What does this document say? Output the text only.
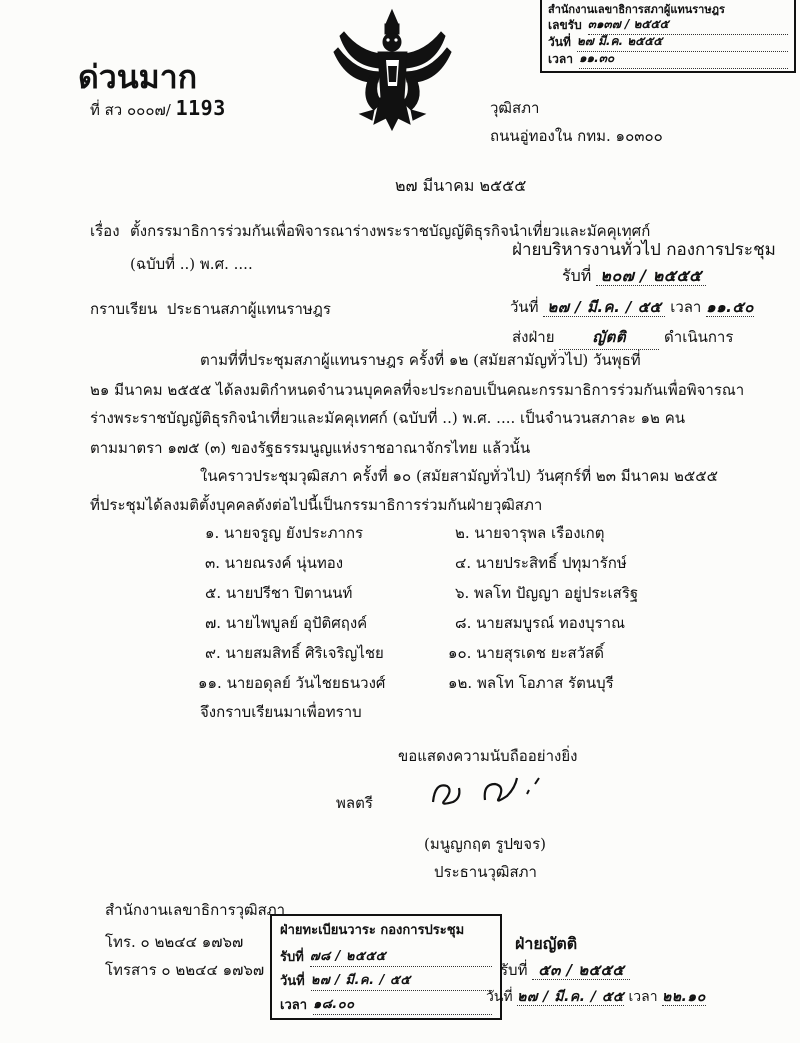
สำนักงานเลขาธิการสภาผู้แทนราษฎร
เลขรับ ๓๑๓๗ / ๒๕๕๕
วันที่ ๒๗ มี.ค. ๒๕๕๕
เวลา ๑๑.๓๐
ด่วนมาก
ที่ สว ๐๐๐๗/ 1193	วุฒิสภา
ถนนอู่ทองใน กทม. ๑๐๓๐๐
๒๗ มีนาคม ๒๕๕๕
เรื่อง ตั้งกรรมาธิการร่วมกันเพื่อพิจารณาร่างพระราชบัญญัติธุรกิจนำเที่ยวและมัคคุเทศก์
(ฉบับที่ ..) พ.ศ. ....
ฝ่ายบริหารงานทั่วไป กองการประชุม
รับที่ ๒๐๗ / ๒๕๕๕
วันที่ ๒๗ / มี.ค. / ๕๕ เวลา ๑๑.๕๐
ส่งฝ่าย	ญัตติ	ดำเนินการ
กราบเรียน ประธานสภาผู้แทนราษฎร
ตามที่ที่ประชุมสภาผู้แทนราษฎร ครั้งที่ ๑๒ (สมัยสามัญทั่วไป) วันพุธที่
๒๑ มีนาคม ๒๕๕๕ ได้ลงมติกำหนดจำนวนบุคคลที่จะประกอบเป็นคณะกรรมาธิการร่วมกันเพื่อพิจารณา
ร่างพระราชบัญญัติธุรกิจนำเที่ยวและมัคคุเทศก์ (ฉบับที่ ..) พ.ศ. .... เป็นจำนวนสภาละ ๑๒ คน
ตามมาตรา ๑๗๕ (๓) ของรัฐธรรมนูญแห่งราชอาณาจักรไทย แล้วนั้น
ในคราวประชุมวุฒิสภา ครั้งที่ ๑๐ (สมัยสามัญทั่วไป) วันศุกร์ที่ ๒๓ มีนาคม ๒๕๕๕
ที่ประชุมได้ลงมติตั้งบุคคลดังต่อไปนี้เป็นกรรมาธิการร่วมกันฝ่ายวุฒิสภา
๑. นายจรูญ ยังประภากร	๒. นายจารุพล เรืองเกตุ
๓. นายณรงค์ นุ่นทอง	๔. นายประสิทธิ์ ปทุมารักษ์
๕. นายปรีชา ปิตานนท์	๖. พลโท ปัญญา อยู่ประเสริฐ
๗. นายไพบูลย์ อุปัติศฤงค์	๘. นายสมบูรณ์ ทองบุราณ
๙. นายสมสิทธิ์ ศิริเจริญไชย	๑๐. นายสุรเดช ยะสวัสดิ์
๑๑. นายอดุลย์ วันไชยธนวงศ์	๑๒. พลโท โอภาส รัตนบุรี
จึงกราบเรียนมาเพื่อทราบ
ขอแสดงความนับถืออย่างยิ่ง
พลตรี
(มนูญกฤต รูปขจร)
ประธานวุฒิสภา
สำนักงานเลขาธิการวุฒิสภา
โทร. ๐ ๒๒๔๔ ๑๗๖๗
โทรสาร ๐ ๒๒๔๔ ๑๗๖๗
ฝ่ายทะเบียนวาระ กองการประชุม
รับที่ ๗๘ / ๒๕๕๕
วันที่ ๒๗ / มี.ค. / ๕๕
เวลา ๑๘.๐๐
ฝ่ายญัตติ
รับที่ ๕๓ / ๒๕๕๕
วันที่ ๒๗ / มี.ค. / ๕๕ เวลา ๒๒.๑๐
